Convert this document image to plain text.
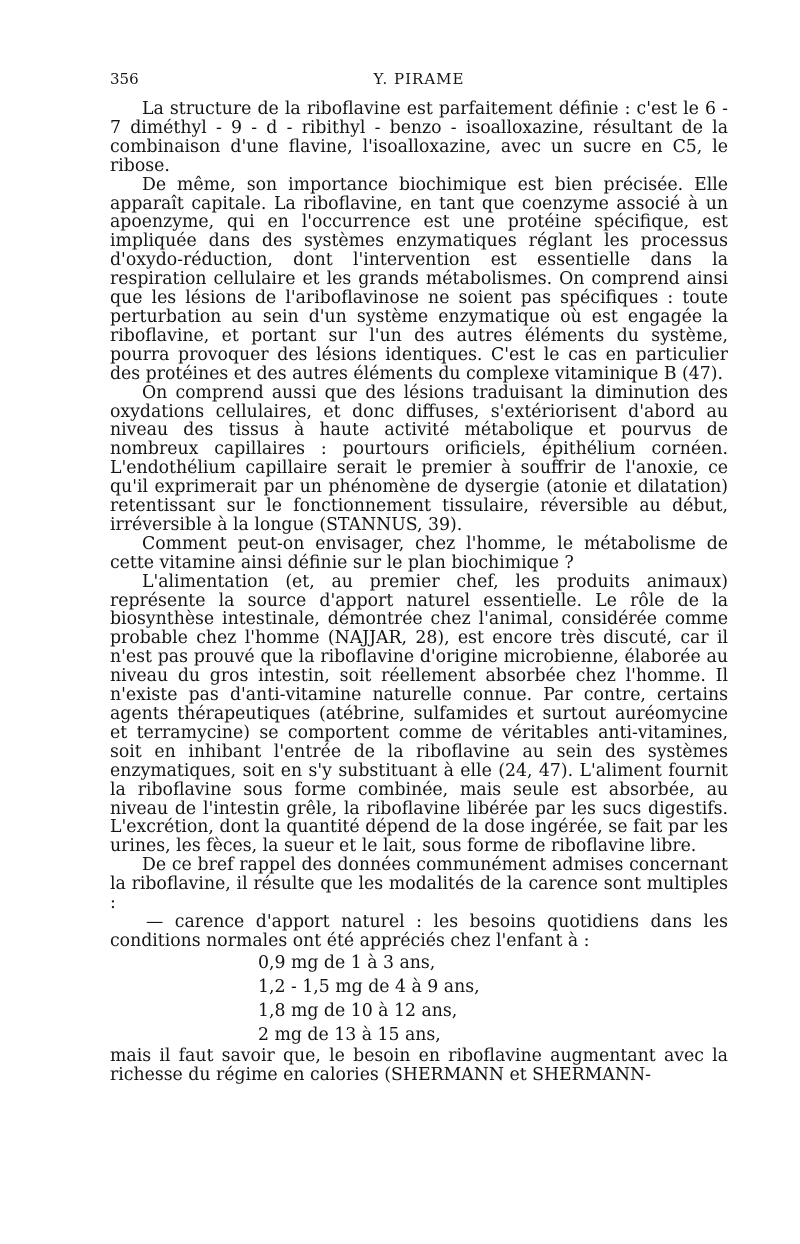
356	Y. PIRAME

La structure de la riboflavine est parfaitement définie : c'est le 6 - 7 diméthyl - 9 - d - ribithyl - benzo - isoalloxazine, résultant de la combinaison d'une flavine, l'isoalloxazine, avec un sucre en C5, le ribose.

De même, son importance biochimique est bien précisée. Elle apparaît capitale. La riboflavine, en tant que coenzyme associé à un apoenzyme, qui en l'occurrence est une protéine spécifique, est impliquée dans des systèmes enzymatiques réglant les processus d'oxydo-réduction, dont l'intervention est essentielle dans la respiration cellulaire et les grands métabolismes. On comprend ainsi que les lésions de l'ariboflavinose ne soient pas spécifiques : toute perturbation au sein d'un système enzymatique où est engagée la riboflavine, et portant sur l'un des autres éléments du système, pourra provoquer des lésions identiques. C'est le cas en particulier des protéines et des autres éléments du complexe vitaminique B (47).

On comprend aussi que des lésions traduisant la diminution des oxydations cellulaires, et donc diffuses, s'extériorisent d'abord au niveau des tissus à haute activité métabolique et pourvus de nombreux capillaires : pourtours orificiels, épithélium cornéen. L'endothélium capillaire serait le premier à souffrir de l'anoxie, ce qu'il exprimerait par un phénomène de dysergie (atonie et dilatation) retentissant sur le fonctionnement tissulaire, réversible au début, irréversible à la longue (STANNUS, 39).

Comment peut-on envisager, chez l'homme, le métabolisme de cette vitamine ainsi définie sur le plan biochimique ?

L'alimentation (et, au premier chef, les produits animaux) représente la source d'apport naturel essentielle. Le rôle de la biosynthèse intestinale, démontrée chez l'animal, considérée comme probable chez l'homme (NAJJAR, 28), est encore très discuté, car il n'est pas prouvé que la riboflavine d'origine microbienne, élaborée au niveau du gros intestin, soit réellement absorbée chez l'homme. Il n'existe pas d'anti-vitamine naturelle connue. Par contre, certains agents thérapeutiques (atébrine, sulfamides et surtout auréomycine et terramycine) se comportent comme de véritables anti-vitamines, soit en inhibant l'entrée de la riboflavine au sein des systèmes enzymatiques, soit en s'y substituant à elle (24, 47). L'aliment fournit la riboflavine sous forme combinée, mais seule est absorbée, au niveau de l'intestin grêle, la riboflavine libérée par les sucs digestifs. L'excrétion, dont la quantité dépend de la dose ingérée, se fait par les urines, les fèces, la sueur et le lait, sous forme de riboflavine libre.

De ce bref rappel des données communément admises concernant la riboflavine, il résulte que les modalités de la carence sont multiples :

— carence d'apport naturel : les besoins quotidiens dans les conditions normales ont été appréciés chez l'enfant à :

0,9 mg de 1 à 3 ans,
1,2 - 1,5 mg de 4 à 9 ans,
1,8 mg de 10 à 12 ans,
2 mg de 13 à 15 ans,

mais il faut savoir que, le besoin en riboflavine augmentant avec la richesse du régime en calories (SHERMANN et SHERMANN-
